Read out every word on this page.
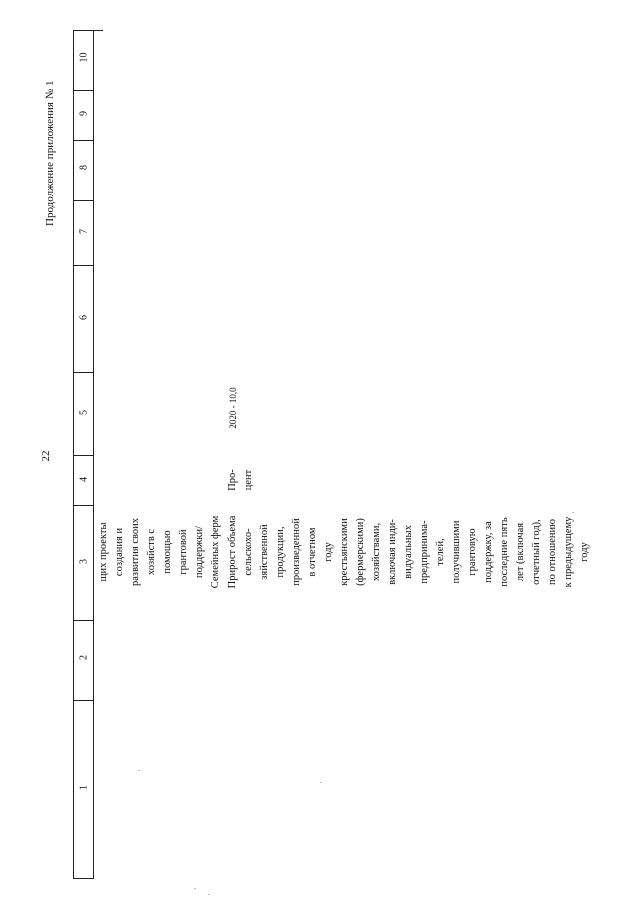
22
Продолжение приложения № 1
10
9
8
7
6
5
4
3
2
1
щих проекты создания и развития своих хозяйств с помощью грантовой поддержки/ Семейных ферм Прирост объема сельскохо- зяйственной продукции, произведенной в отчетном году крестьянскими (фермерскими) хозяйствами, включая инди- видуальных предпринима- телей, получившими грантовую поддержку, за последние пять лет (включая отчетный год), по отношению к предыдущему году
Про- цент
2020 - 10,0
